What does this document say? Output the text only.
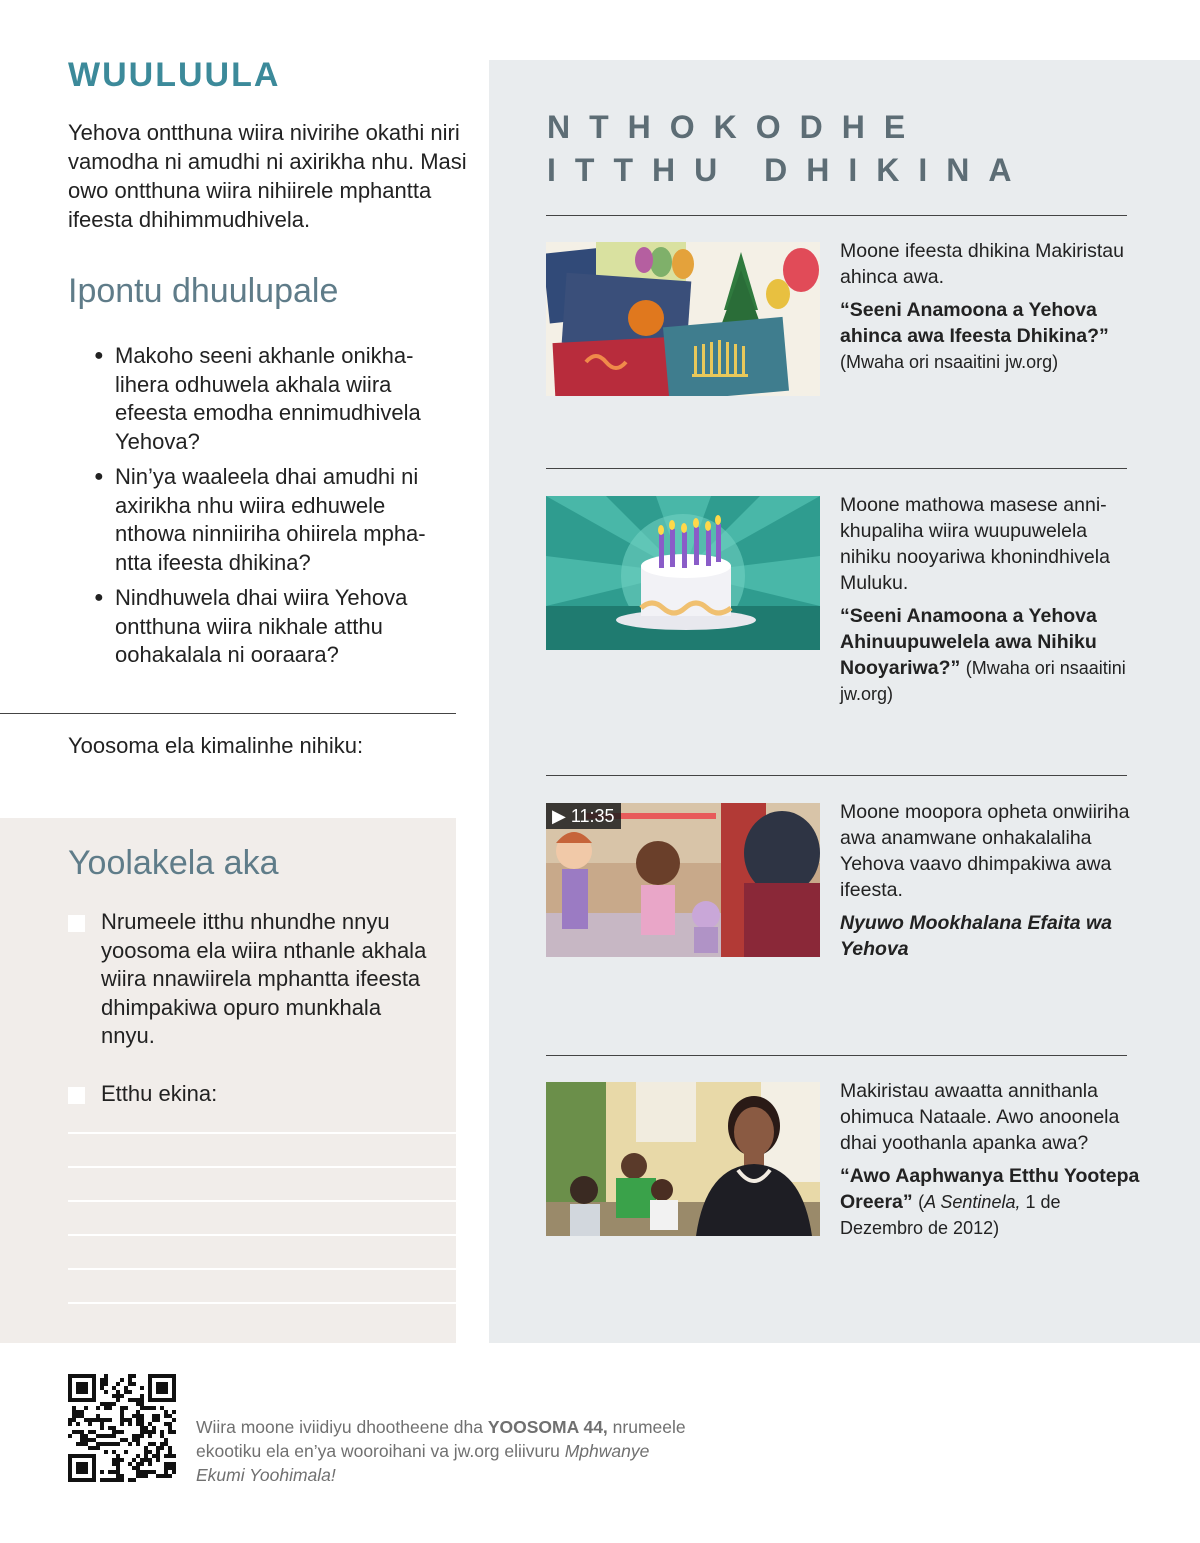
WUULUULA

Yehova ontthuna wiira nivirihe okathi niri vamodha ni amudhi ni axirikha nhu. Masi owo ontthuna wiira nihiirele mphantta ifeesta dhihimmudhivela.

Ipontu dhuulupale
● Makoho seeni akhanle onikhalihera odhuwela akhala wiira efeesta emodha ennimudhivela Yehova?
● Nin’ya waaleela dhai amudhi ni axirikha nhu wiira edhuwele nthowa ninniiriha ohiirela mphantta ifeesta dhikina?
● Nindhuwela dhai wiira Yehova ontthuna wiira nikhale atthu oohakalala ni ooraara?

Yoosoma ela kimalinhe nihiku:

Yoolakela aka
Nrumeele itthu nhundhe nnyu yoosoma ela wiira nthanle akhala wiira nnawiirela mphantta ifeesta dhimpakiwa opuro munkhala nnyu.
Etthu ekina:
NTHOKODHE
ITTHU DHIKINA

Moone ifeesta dhikina Makiristau ahinca awa.

“Seeni Anamoona a Yehova ahinca awa Ifeesta Dhikina?” (Mwaha ori nsaaitini jw.org)

Moone mathowa masese annikhupaliha wiira wuupuwelela nihiku nooyariwa khonindhivela Muluku.

“Seeni Anamoona a Yehova Ahinuupuwelela awa Nihiku Nooyariwa?” (Mwaha ori nsaaitini jw.org)

▶ 11:35	Moone moopora opheta onwiiriha awa anamwane onhakalaliha Yehova vaavo dhimpakiwa awa ifeesta.

Nyuwo Mookhalana Efaita wa Yehova

Makiristau awaatta annithanla ohimuca Nataale. Awo anoonela dhai yoothanla apanka awa?

“Awo Aaphwanya Etthu Yootepa Oreera” (A Sentinela, 1 de Dezembro de 2012)

Wiira moone iviidiyu dhootheene dha YOOSOMA 44, nrumeele ekootiku ela en’ya wooroihani va jw.org eliivuru Mphwanye Ekumi Yoohimala!
